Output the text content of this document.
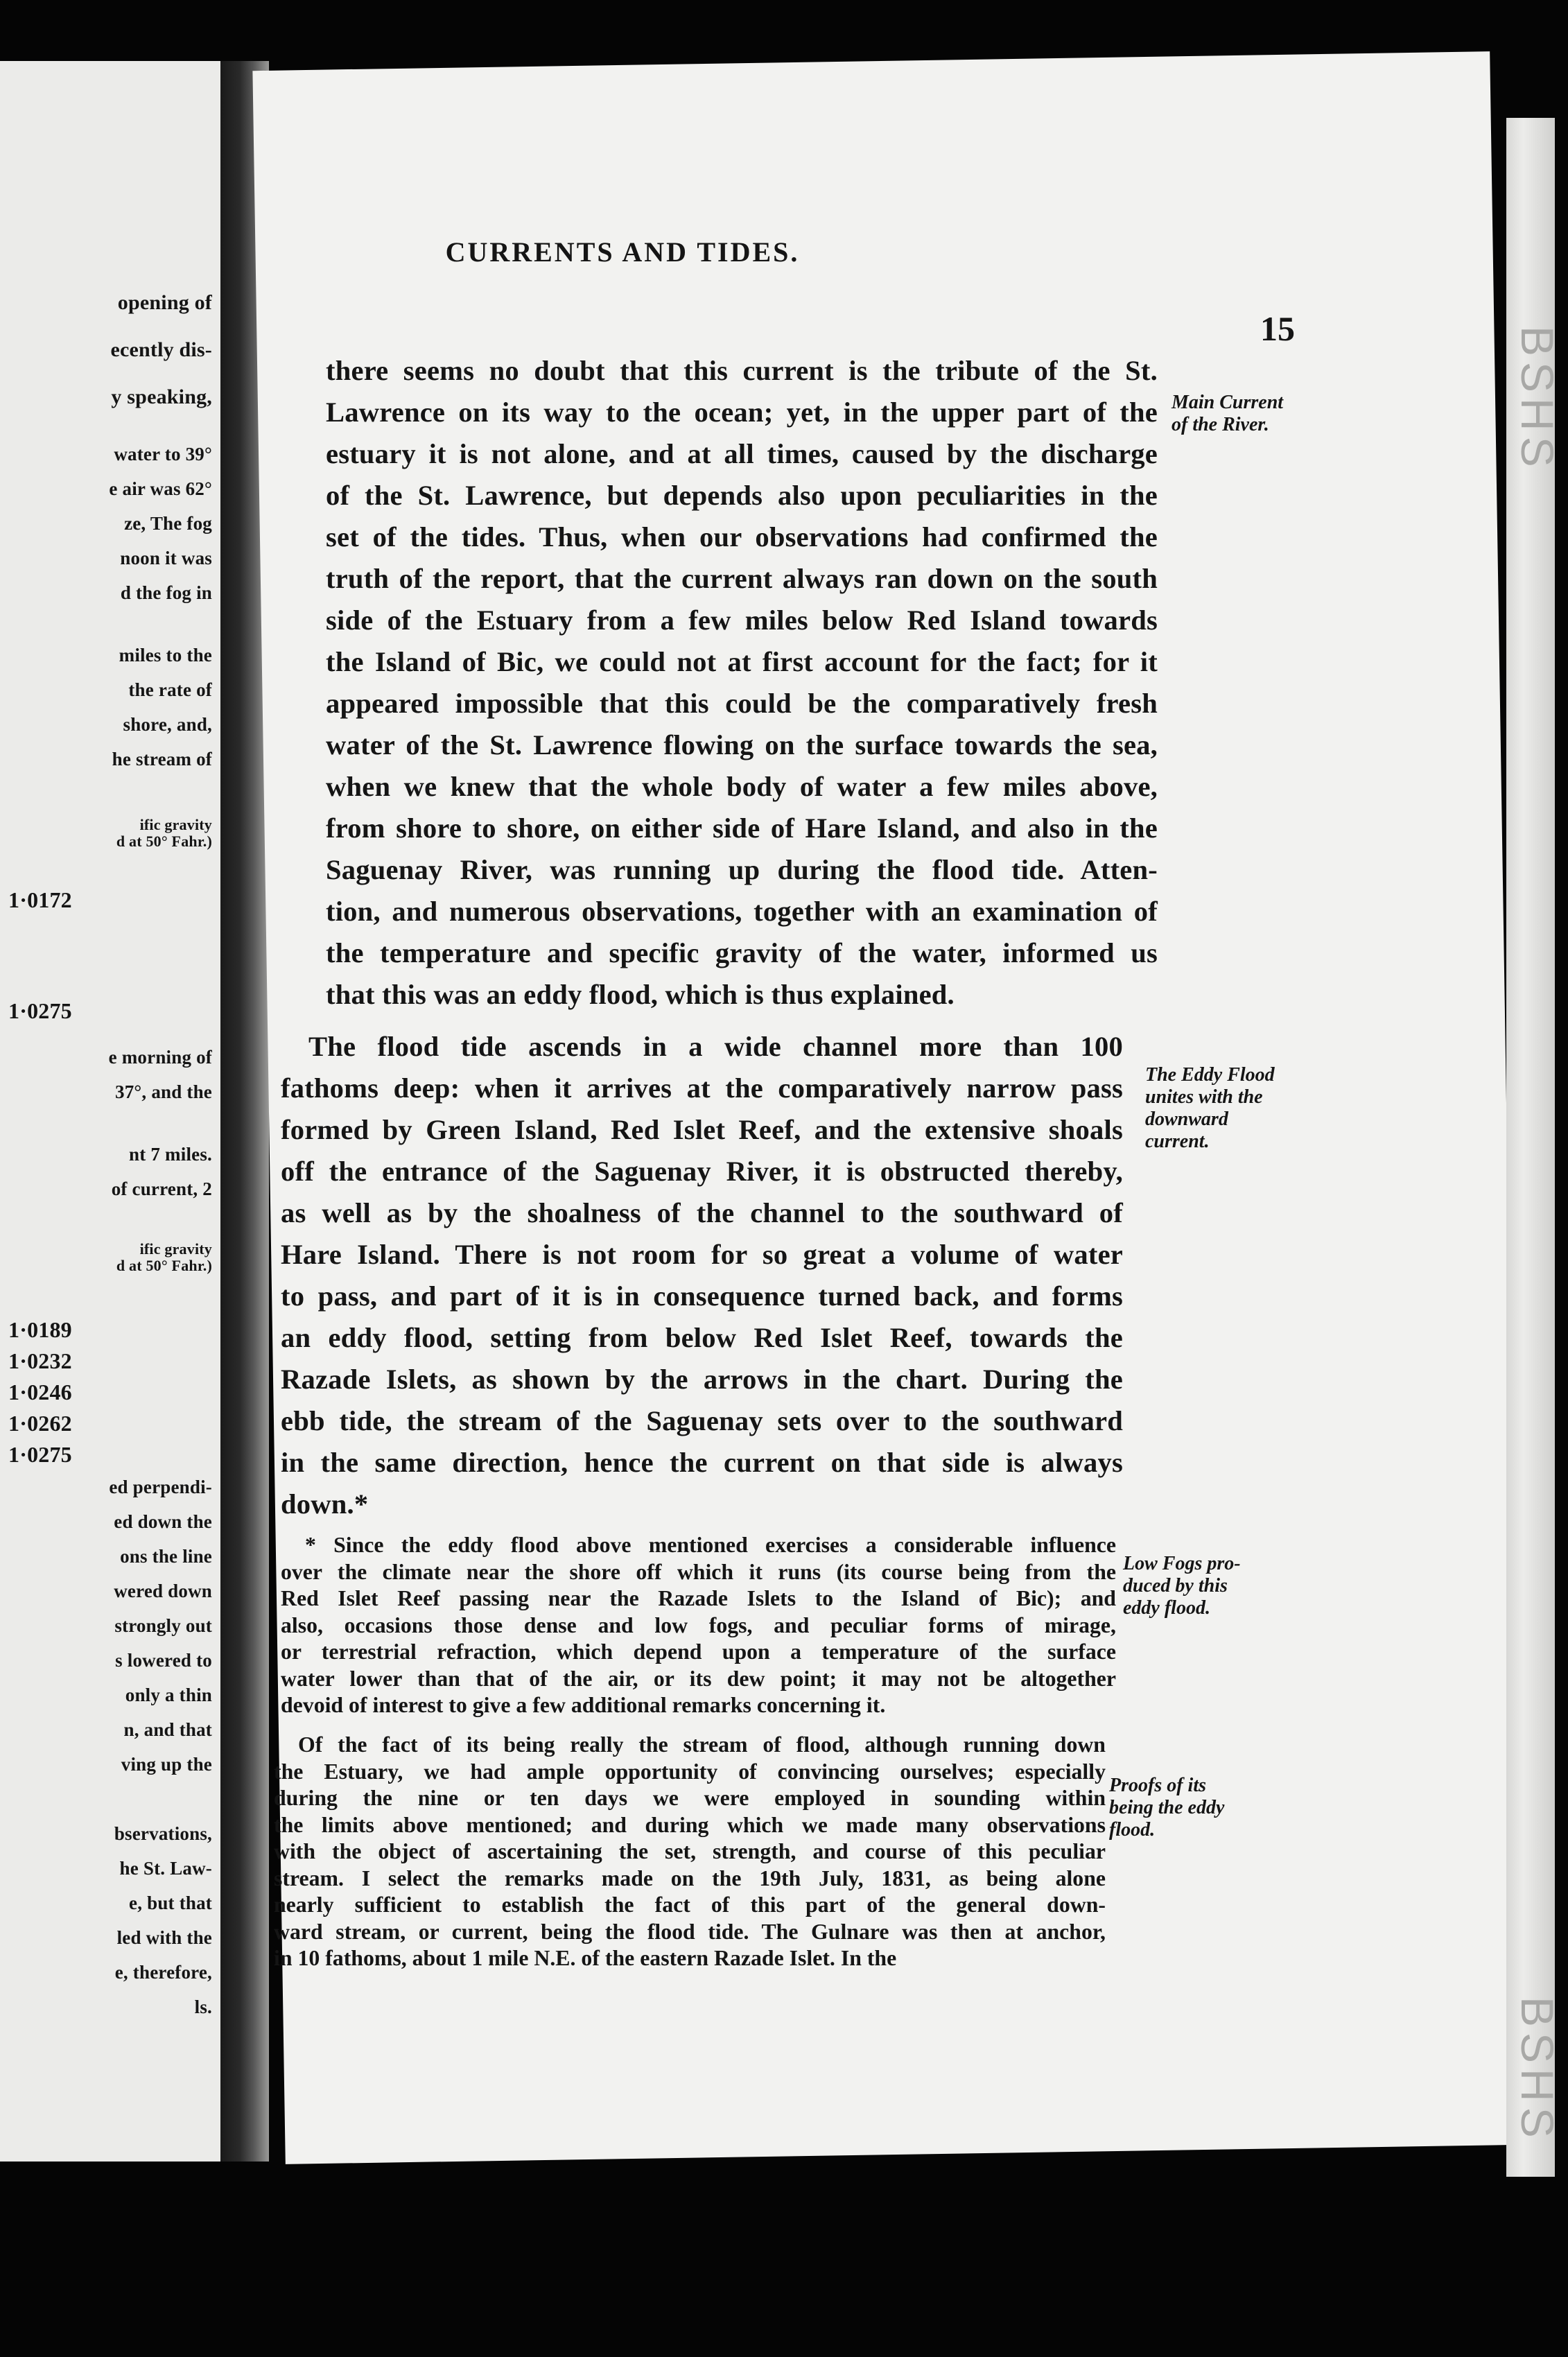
opening of
ecently dis-
y speaking,
water to 39°
e air was 62°
ze, The fog
noon it was
d the fog in
miles to the
the rate of
shore, and,
he stream of
ific gravity
d at 50° Fahr.)
1·0172
1·0275
e morning of
37°, and the
nt 7 miles.
of current, 2
ific gravity
d at 50° Fahr.)
1·0189
1·0232
1·0246
1·0262
1·0275
ed perpendi-
ed down the
ons the line
wered down
strongly out
s lowered to
only a thin
n, and that
ving up the
bservations,
he St. Law-
e, but that
led with the
e, therefore,
ls.
BSHS
BSHS
CURRENTS AND TIDES.
15
there seems no doubt that this current is the tribute of the St.
Lawrence on its way to the ocean; yet, in the upper part of the
estuary it is not alone, and at all times, caused by the discharge
of the St. Lawrence, but depends also upon peculiarities in the
set of the tides. Thus, when our observations had confirmed the
truth of the report, that the current always ran down on the south
side of the Estuary from a few miles below Red Island towards
the Island of Bic, we could not at first account for the fact; for it
appeared impossible that this could be the comparatively fresh
water of the St. Lawrence flowing on the surface towards the sea,
when we knew that the whole body of water a few miles above,
from shore to shore, on either side of Hare Island, and also in the
Saguenay River, was running up during the flood tide. Atten-
tion, and numerous observations, together with an examination of
the temperature and specific gravity of the water, informed us
that this was an eddy flood, which is thus explained.
The flood tide ascends in a wide channel more than 100
fathoms deep: when it arrives at the comparatively narrow pass
formed by Green Island, Red Islet Reef, and the extensive shoals
off the entrance of the Saguenay River, it is obstructed thereby,
as well as by the shoalness of the channel to the southward of
Hare Island. There is not room for so great a volume of water
to pass, and part of it is in consequence turned back, and forms
an eddy flood, setting from below Red Islet Reef, towards the
Razade Islets, as shown by the arrows in the chart. During the
ebb tide, the stream of the Saguenay sets over to the southward
in the same direction, hence the current on that side is always
down.*
* Since the eddy flood above mentioned exercises a considerable influence
over the climate near the shore off which it runs (its course being from the
Red Islet Reef passing near the Razade Islets to the Island of Bic); and
also, occasions those dense and low fogs, and peculiar forms of mirage,
or terrestrial refraction, which depend upon a temperature of the surface
water lower than that of the air, or its dew point; it may not be altogether
devoid of interest to give a few additional remarks concerning it.
Of the fact of its being really the stream of flood, although running down
the Estuary, we had ample opportunity of convincing ourselves; especially
during the nine or ten days we were employed in sounding within
the limits above mentioned; and during which we made many observations
with the object of ascertaining the set, strength, and course of this peculiar
stream. I select the remarks made on the 19th July, 1831, as being alone
nearly sufficient to establish the fact of this part of the general down-
ward stream, or current, being the flood tide. The Gulnare was then at anchor,
in 10 fathoms, about 1 mile N.E. of the eastern Razade Islet. In the
Main Current
of the River.
The Eddy Flood
unites with the
downward
current.
Low Fogs pro-
duced by this
eddy flood.
Proofs of its
being the eddy
flood.
